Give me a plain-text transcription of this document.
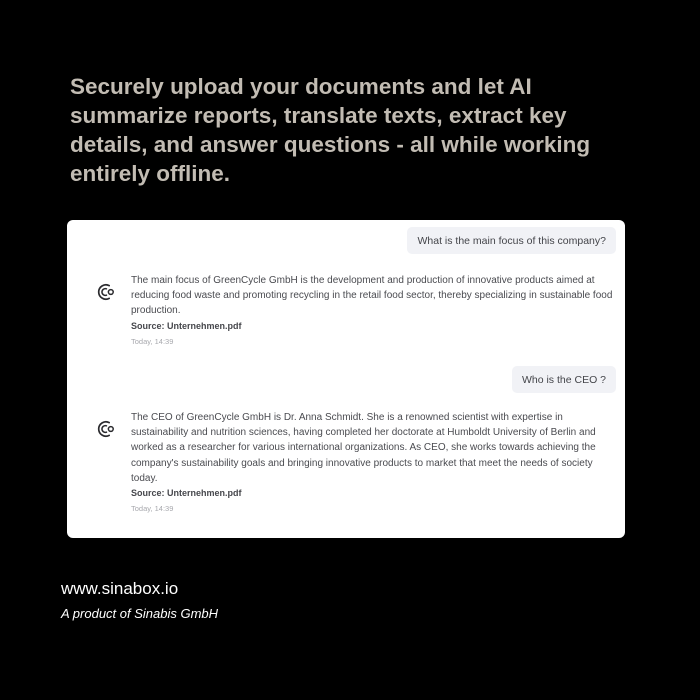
Securely upload your documents and let AI summarize reports, translate texts, extract key details, and answer questions - all while working entirely offline.
What is the main focus of this company?

The main focus of GreenCycle GmbH is the development and production of innovative products aimed at reducing food waste and promoting recycling in the retail food sector, thereby specializing in sustainable food production.

Source: Unternehmen.pdf

Today, 14:39

Who is the CEO ?

The CEO of GreenCycle GmbH is Dr. Anna Schmidt. She is a renowned scientist with expertise in sustainability and nutrition sciences, having completed her doctorate at Humboldt University of Berlin and worked as a researcher for various international organizations. As CEO, she works towards achieving the company's sustainability goals and bringing innovative products to market that meet the needs of society today.

Source: Unternehmen.pdf

Today, 14:39

www.sinabox.io

A product of Sinabis GmbH
